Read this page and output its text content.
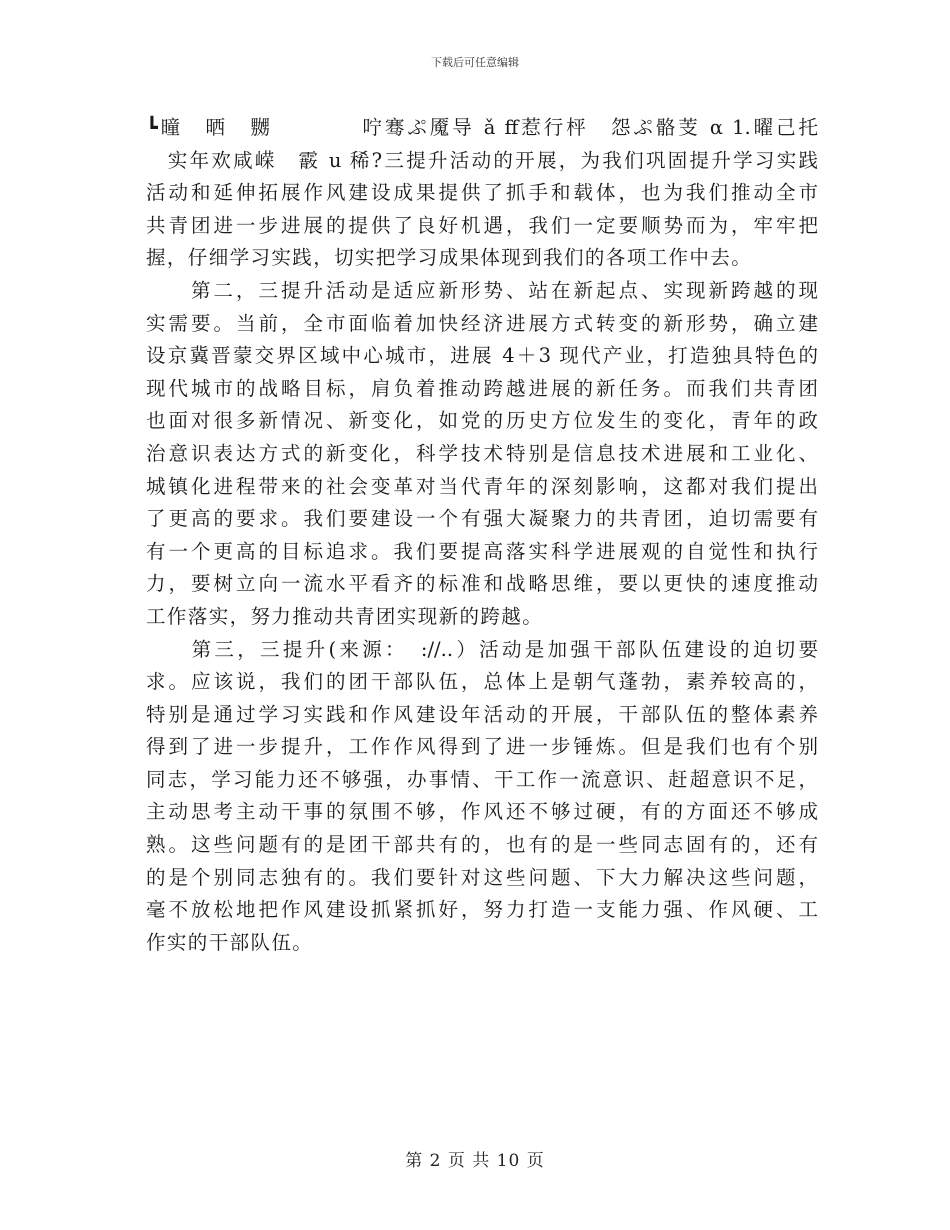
下载后可任意编辑
┗曈　晒　嬲　　　　咛骞ぷ魇导 ǎ ff惹行枰　怨ぷ骼芰 α 1.曜己托
　实年欢咸嵘　霰 u 稀?三提升活动的开展，为我们巩固提升学习实践
活动和延伸拓展作风建设成果提供了抓手和载体，也为我们推动全市
共青团进一步进展的提供了良好机遇，我们一定要顺势而为，牢牢把
握，仔细学习实践，切实把学习成果体现到我们的各项工作中去。
　　第二，三提升活动是适应新形势、站在新起点、实现新跨越的现
实需要。当前，全市面临着加快经济进展方式转变的新形势，确立建
设京冀晋蒙交界区域中心城市，进展 4＋3 现代产业，打造独具特色的
现代城市的战略目标，肩负着推动跨越进展的新任务。而我们共青团
也面对很多新情况、新变化，如党的历史方位发生的变化，青年的政
治意识表达方式的新变化，科学技术特别是信息技术进展和工业化、
城镇化进程带来的社会变革对当代青年的深刻影响，这都对我们提出
了更高的要求。我们要建设一个有强大凝聚力的共青团，迫切需要有
有一个更高的目标追求。我们要提高落实科学进展观的自觉性和执行
力，要树立向一流水平看齐的标准和战略思维，要以更快的速度推动
工作落实，努力推动共青团实现新的跨越。
　　第三，三提升(来源：　://..）活动是加强干部队伍建设的迫切要
求。应该说，我们的团干部队伍，总体上是朝气蓬勃，素养较高的，
特别是通过学习实践和作风建设年活动的开展，干部队伍的整体素养
得到了进一步提升，工作作风得到了进一步锤炼。但是我们也有个别
同志，学习能力还不够强，办事情、干工作一流意识、赶超意识不足，
主动思考主动干事的氛围不够，作风还不够过硬，有的方面还不够成
熟。这些问题有的是团干部共有的，也有的是一些同志固有的，还有
的是个别同志独有的。我们要针对这些问题、下大力解决这些问题，
毫不放松地把作风建设抓紧抓好，努力打造一支能力强、作风硬、工
作实的干部队伍。
第 2 页 共 10 页
